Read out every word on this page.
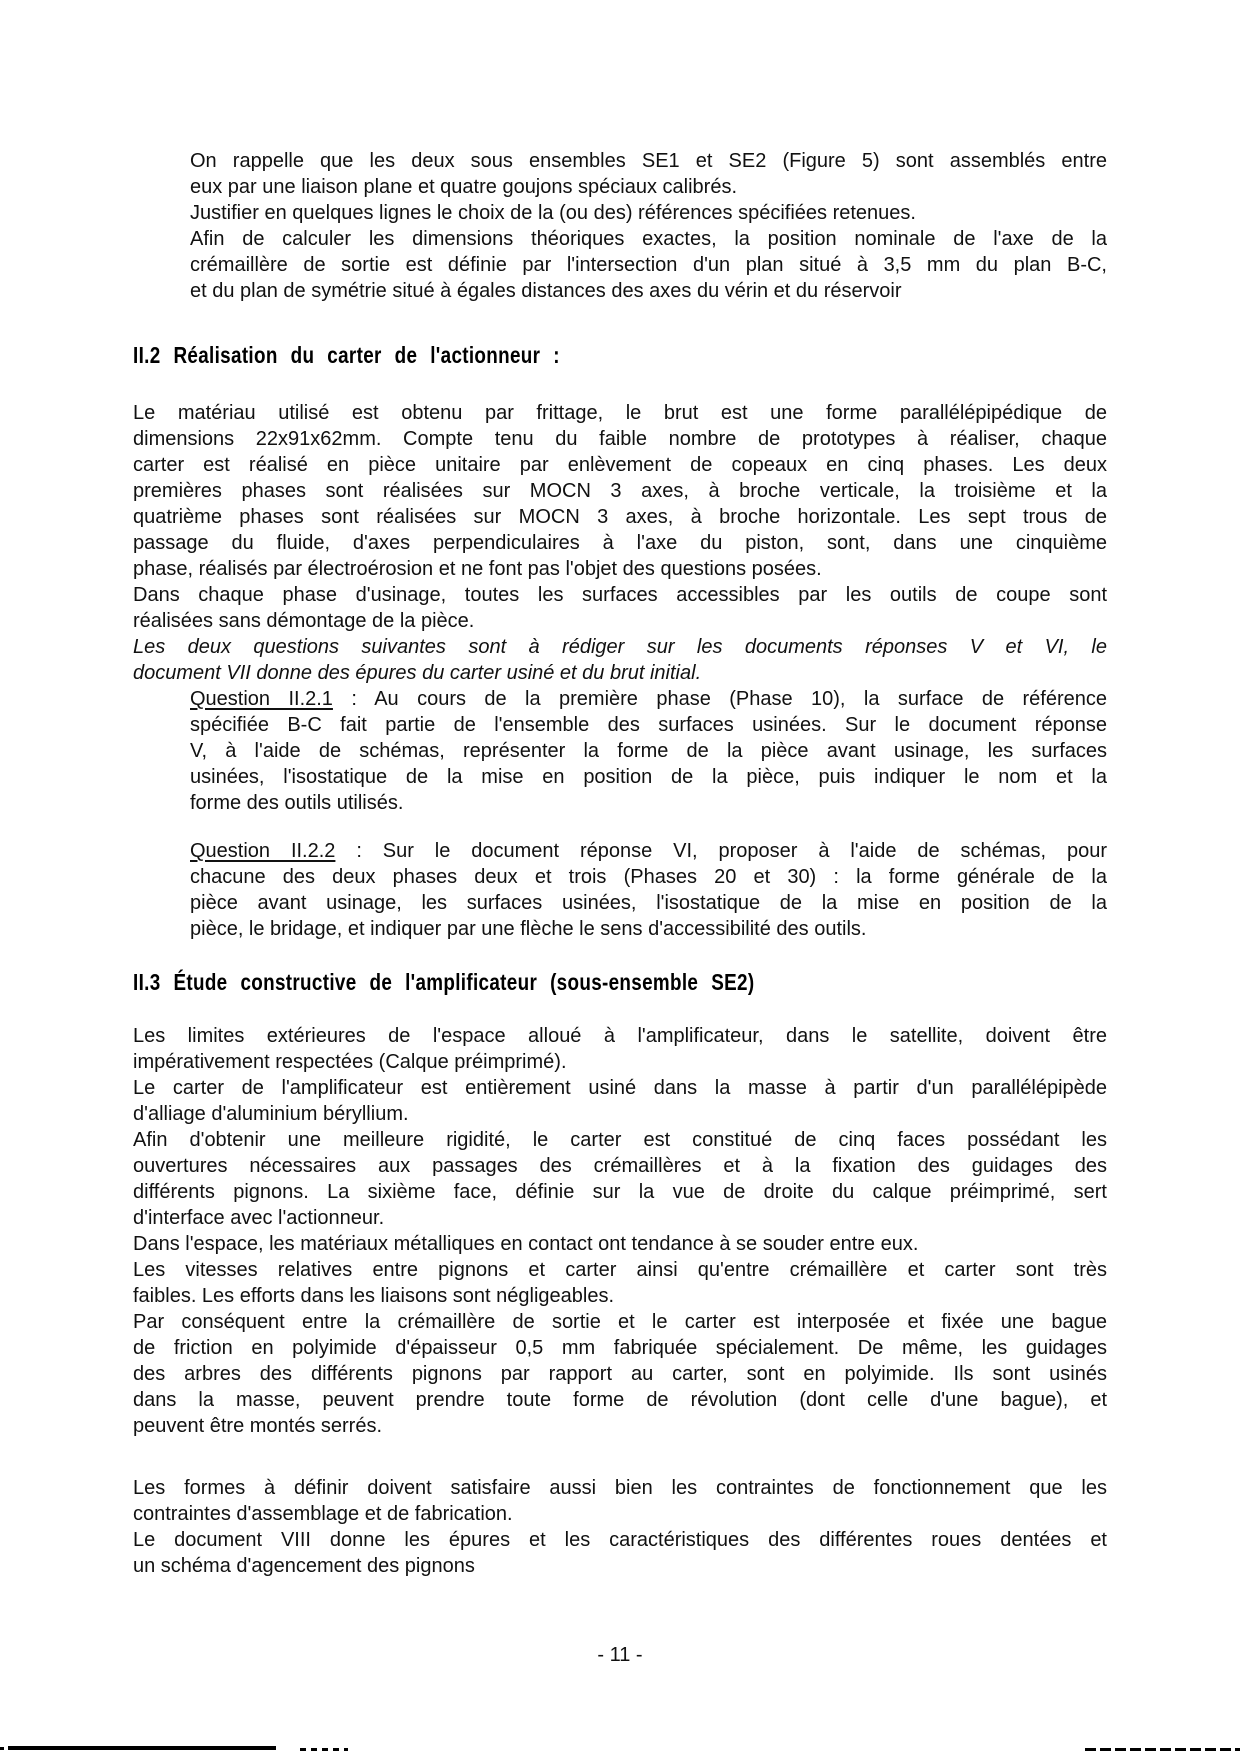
On rappelle que les deux sous ensembles SE1 et SE2 (Figure 5) sont assemblés entre
eux par une liaison plane et quatre goujons spéciaux calibrés.
Justifier en quelques lignes le choix de la (ou des) références spécifiées retenues.
Afin de calculer les dimensions théoriques exactes, la position nominale de l'axe de la
crémaillère de sortie est définie par l'intersection d'un plan situé à 3,5 mm du plan B-C,
et du plan de symétrie situé à égales distances des axes du vérin et du réservoir
II.2 Réalisation du carter de l'actionneur :
Le matériau utilisé est obtenu par frittage, le brut est une forme parallélépipédique de
dimensions 22x91x62mm. Compte tenu du faible nombre de prototypes à réaliser, chaque
carter est réalisé en pièce unitaire par enlèvement de copeaux en cinq phases. Les deux
premières phases sont réalisées sur MOCN 3 axes, à broche verticale, la troisième et la
quatrième phases sont réalisées sur MOCN 3 axes, à broche horizontale. Les sept trous de
passage du fluide, d'axes perpendiculaires à l'axe du piston, sont, dans une cinquième
phase, réalisés par électroérosion et ne font pas l'objet des questions posées.
Dans chaque phase d'usinage, toutes les surfaces accessibles par les outils de coupe sont
réalisées sans démontage de la pièce.
Les deux questions suivantes sont à rédiger sur les documents réponses V et VI, le
document VII donne des épures du carter usiné et du brut initial.
Question II.2.1 : Au cours de la première phase (Phase 10), la surface de référence
spécifiée B-C fait partie de l'ensemble des surfaces usinées. Sur le document réponse
V, à l'aide de schémas, représenter la forme de la pièce avant usinage, les surfaces
usinées, l'isostatique de la mise en position de la pièce, puis indiquer le nom et la
forme des outils utilisés.
Question II.2.2 : Sur le document réponse VI, proposer à l'aide de schémas, pour
chacune des deux phases deux et trois (Phases 20 et 30) : la forme générale de la
pièce avant usinage, les surfaces usinées, l'isostatique de la mise en position de la
pièce, le bridage, et indiquer par une flèche le sens d'accessibilité des outils.
II.3 Étude constructive de l'amplificateur (sous-ensemble SE2)
Les limites extérieures de l'espace alloué à l'amplificateur, dans le satellite, doivent être
impérativement respectées (Calque préimprimé).
Le carter de l'amplificateur est entièrement usiné dans la masse à partir d'un parallélépipède
d'alliage d'aluminium béryllium.
Afin d'obtenir une meilleure rigidité, le carter est constitué de cinq faces possédant les
ouvertures nécessaires aux passages des crémaillères et à la fixation des guidages des
différents pignons. La sixième face, définie sur la vue de droite du calque préimprimé, sert
d'interface avec l'actionneur.
Dans l'espace, les matériaux métalliques en contact ont tendance à se souder entre eux.
Les vitesses relatives entre pignons et carter ainsi qu'entre crémaillère et carter sont très
faibles. Les efforts dans les liaisons sont négligeables.
Par conséquent entre la crémaillère de sortie et le carter est interposée et fixée une bague
de friction en polyimide d'épaisseur 0,5 mm fabriquée spécialement. De même, les guidages
des arbres des différents pignons par rapport au carter, sont en polyimide. Ils sont usinés
dans la masse, peuvent prendre toute forme de révolution (dont celle d'une bague), et
peuvent être montés serrés.
Les formes à définir doivent satisfaire aussi bien les contraintes de fonctionnement que les
contraintes d'assemblage et de fabrication.
Le document VIII donne les épures et les caractéristiques des différentes roues dentées et
un schéma d'agencement des pignons
- 11 -
